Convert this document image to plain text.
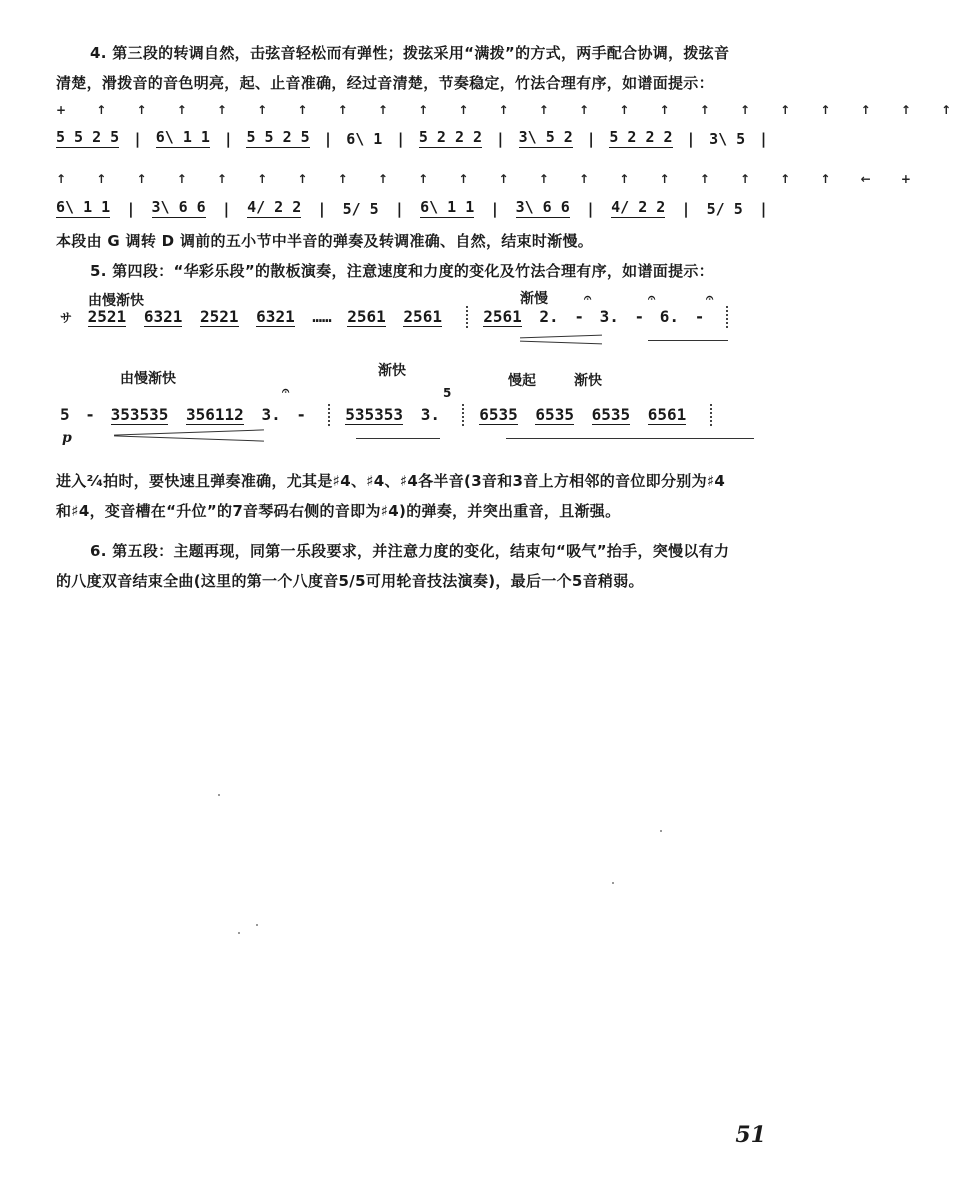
4. 第三段的转调自然，击弦音轻松而有弹性；拨弦采用“满拨”的方式，两手配合协调，拨弦音
清楚，滑拨音的音色明亮，起、止音准确，经过音清楚，节奏稳定，竹法合理有序，如谱面提示：
+ ↑ ↑ ↑ ↑ ↑ ↑ ↑ ↑ ↑ ↑ ↑ ↑ ↑ ↑ ↑ ↑ ↑ ↑ ↑ ↑ ↑ ↑
5 5 2 5 | 6\ 1 1 | 5 5 2 5 | 6\ 1 | 5 2 2 2 | 3\ 5 2 | 5 2 2 2 | 3\ 5 |
↑ ↑ ↑ ↑ ↑ ↑ ↑ ↑ ↑ ↑ ↑ ↑ ↑ ↑ ↑ ↑ ↑ ↑ ↑ ↑ ← +
6\ 1 1 | 3\ 6 6 | 4/ 2 2 | 5/ 5 | 6\ 1 1 | 3\ 6 6 | 4/ 2 2 | 5/ 5 |
本段由 G 调转 D 调前的五小节中半音的弹奏及转调准确、自然，结束时渐慢。
5. 第四段：“华彩乐段”的散板演奏，注意速度和力度的变化及竹法合理有序，如谱面提示：
由慢渐快	渐慢	𝄐	𝄐	𝄐
サ 2521 6321 2521 6321 …… 2561 2561	2561 2. - 3. - 6. -
由慢渐快	渐快
慢起	渐快
𝄐	5
5 - 353535 356112 3. - 535353 3. 6535 6535 6535 6561
p
进入²⁄₄拍时，要快速且弹奏准确，尤其是♯4、♯4、♯4各半音(3音和3音上方相邻的音位即分别为♯4
和♯4，变音槽在“升位”的7音琴码右侧的音即为♯4)的弹奏，并突出重音，且渐强。
6. 第五段：主题再现，同第一乐段要求，并注意力度的变化，结束句“吸气”抬手，突慢以有力
的八度双音结束全曲(这里的第一个八度音5/5可用轮音技法演奏)，最后一个5音稍弱。
51
